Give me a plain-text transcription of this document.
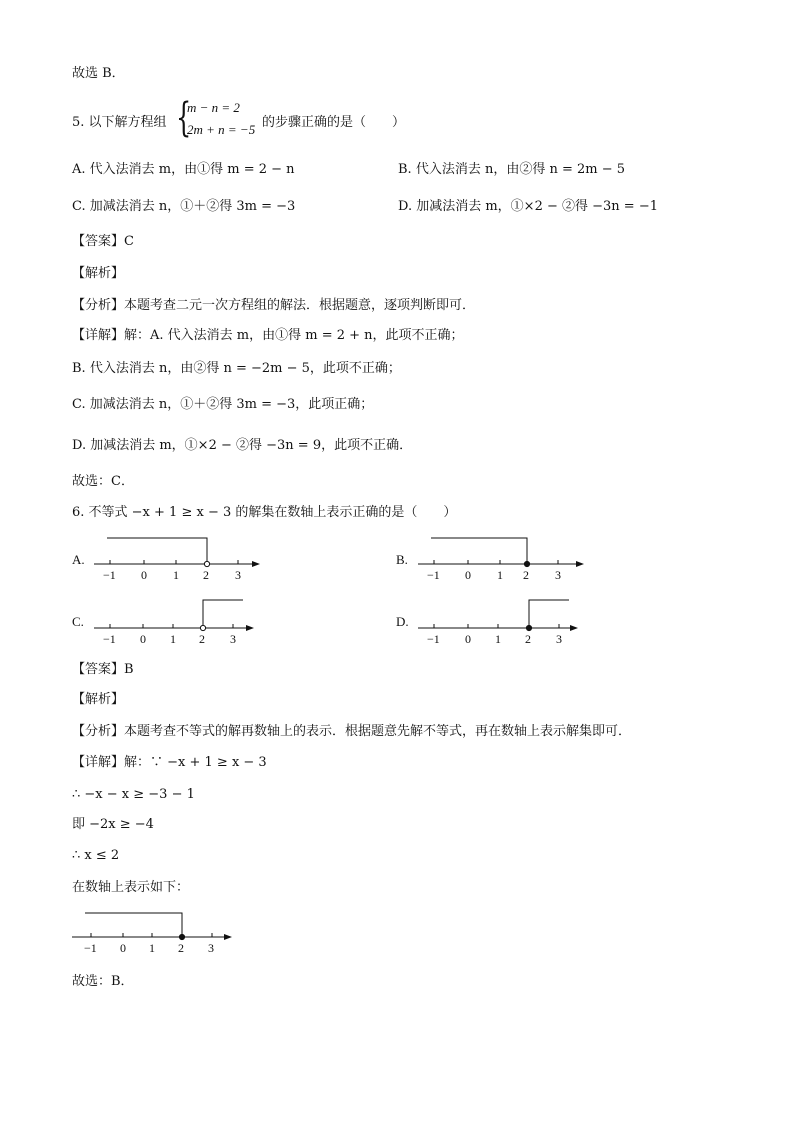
故选 B．
5. 以下解方程组 {
m − n = 2
2m + n = −5 的步骤正确的是（　　）
A. 代入法消去 m，由①得 m = 2 − n	B. 代入法消去 n，由②得 n = 2m − 5
C. 加减法消去 n，①＋②得 3m = −3	D. 加减法消去 m，①×2 − ②得 −3n = −1
【答案】C
【解析】
【分析】本题考查二元一次方程组的解法．根据题意，逐项判断即可．
【详解】解：A. 代入法消去 m，由①得 m = 2 + n，此项不正确；
B. 代入法消去 n，由②得 n = −2m − 5，此项不正确；
C. 加减法消去 n，①＋②得 3m = −3，此项正确；
D. 加减法消去 m，①×2 − ②得 −3n = 9，此项不正确．
故选：C．
6. 不等式 −x + 1 ≥ x − 3 的解集在数轴上表示正确的是（　　）
A.	B.
C.	D.
−1 0 1 2 3	−1 0 1 2 3
−1 0 1 2 3	−1 0 1 2 3
【答案】B
【解析】
【分析】本题考查不等式的解再数轴上的表示．根据题意先解不等式，再在数轴上表示解集即可．
【详解】解：∵ −x + 1 ≥ x − 3
∴ −x − x ≥ −3 − 1
即 −2x ≥ −4
∴ x ≤ 2
在数轴上表示如下：
−1 0 1 2 3
故选：B．
